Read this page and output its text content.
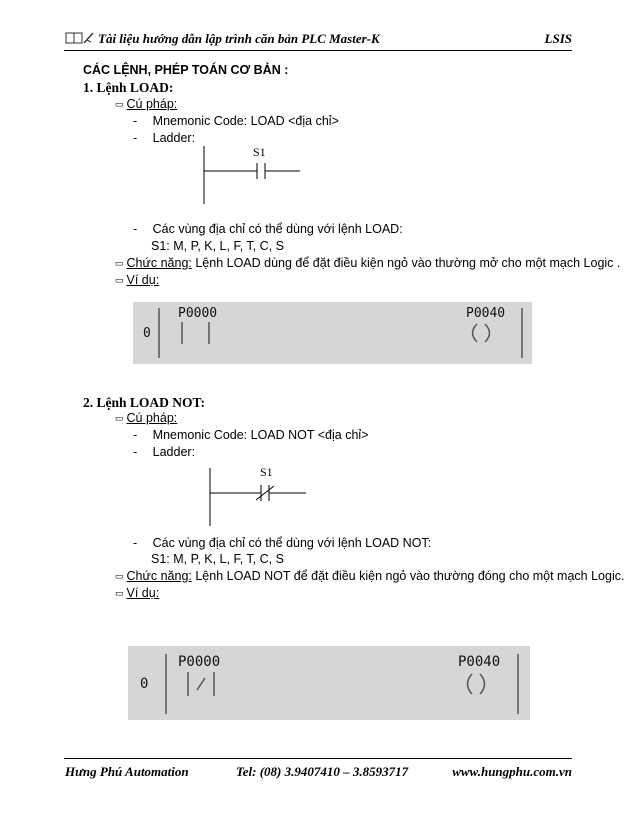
Tài liệu hướng dẫn lập trình căn bản PLC Master-K	LSIS
CÁC LỆNH, PHÉP TOÁN CƠ BẢN :
1. Lệnh LOAD:
▭ Cú pháp:
- Mnemonic Code: LOAD <địa chỉ>
- Ladder:
S1
- Các vùng địa chỉ có thể dùng với lệnh LOAD:
S1: M, P, K, L, F, T, C, S
▭ Chức năng: Lệnh LOAD dùng để đặt điều kiện ngỏ vào thường mở cho một mạch Logic .
▭ Ví dụ:
0
P0000	P0040
2. Lệnh LOAD NOT:
▭ Cú pháp:
- Mnemonic Code: LOAD NOT <địa chỉ>
- Ladder:
S1
- Các vùng địa chỉ có thể dùng với lệnh LOAD NOT:
S1: M, P, K, L, F, T, C, S
▭ Chức năng: Lệnh LOAD NOT để đặt điều kiện ngỏ vào thường đóng cho một mạch Logic.
▭ Ví dụ:
0
P0000	P0040
Hưng Phú Automation	Tel: (08) 3.9407410 – 3.8593717	www.hungphu.com.vn
